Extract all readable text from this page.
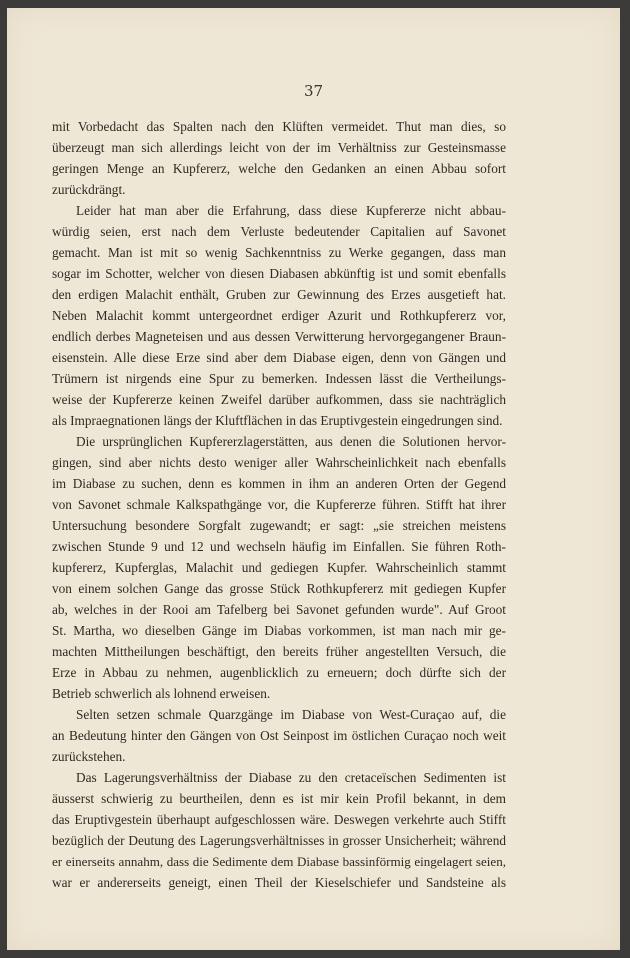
37
mit Vorbedacht das Spalten nach den Klüften vermeidet. Thut man dies, so
überzeugt man sich allerdings leicht von der im Verhältniss zur Gesteinsmasse
geringen Menge an Kupfererz, welche den Gedanken an einen Abbau sofort
zurückdrängt.
Leider hat man aber die Erfahrung, dass diese Kupfererze nicht abbau-
würdig seien, erst nach dem Verluste bedeutender Capitalien auf Savonet
gemacht. Man ist mit so wenig Sachkenntniss zu Werke gegangen, dass man
sogar im Schotter, welcher von diesen Diabasen abkünftig ist und somit ebenfalls
den erdigen Malachit enthält, Gruben zur Gewinnung des Erzes ausgetieft hat.
Neben Malachit kommt untergeordnet erdiger Azurit und Rothkupfererz vor,
endlich derbes Magneteisen und aus dessen Verwitterung hervorgegangener Braun-
eisenstein. Alle diese Erze sind aber dem Diabase eigen, denn von Gängen und
Trümern ist nirgends eine Spur zu bemerken. Indessen lässt die Vertheilungs-
weise der Kupfererze keinen Zweifel darüber aufkommen, dass sie nachträglich
als Impraegnationen längs der Kluftflächen in das Eruptivgestein eingedrungen sind.
Die ursprünglichen Kupfererzlagerstätten, aus denen die Solutionen hervor-
gingen, sind aber nichts desto weniger aller Wahrscheinlichkeit nach ebenfalls
im Diabase zu suchen, denn es kommen in ihm an anderen Orten der Gegend
von Savonet schmale Kalkspathgänge vor, die Kupfererze führen. Stifft hat ihrer
Untersuchung besondere Sorgfalt zugewandt; er sagt: „sie streichen meistens
zwischen Stunde 9 und 12 und wechseln häufig im Einfallen. Sie führen Roth-
kupfererz, Kupferglas, Malachit und gediegen Kupfer. Wahrscheinlich stammt
von einem solchen Gange das grosse Stück Rothkupfererz mit gediegen Kupfer
ab, welches in der Rooi am Tafelberg bei Savonet gefunden wurde". Auf Groot
St. Martha, wo dieselben Gänge im Diabas vorkommen, ist man nach mir ge-
machten Mittheilungen beschäftigt, den bereits früher angestellten Versuch, die
Erze in Abbau zu nehmen, augenblicklich zu erneuern; doch dürfte sich der
Betrieb schwerlich als lohnend erweisen.
Selten setzen schmale Quarzgänge im Diabase von West-Curaçao auf, die
an Bedeutung hinter den Gängen von Ost Seinpost im östlichen Curaçao noch weit
zurückstehen.
Das Lagerungsverhältniss der Diabase zu den cretaceïschen Sedimenten ist
äusserst schwierig zu beurtheilen, denn es ist mir kein Profil bekannt, in dem
das Eruptivgestein überhaupt aufgeschlossen wäre. Deswegen verkehrte auch Stifft
bezüglich der Deutung des Lagerungsverhältnisses in grosser Unsicherheit; während
er einerseits annahm, dass die Sedimente dem Diabase bassinförmig eingelagert seien,
war er andererseits geneigt, einen Theil der Kieselschiefer und Sandsteine als
